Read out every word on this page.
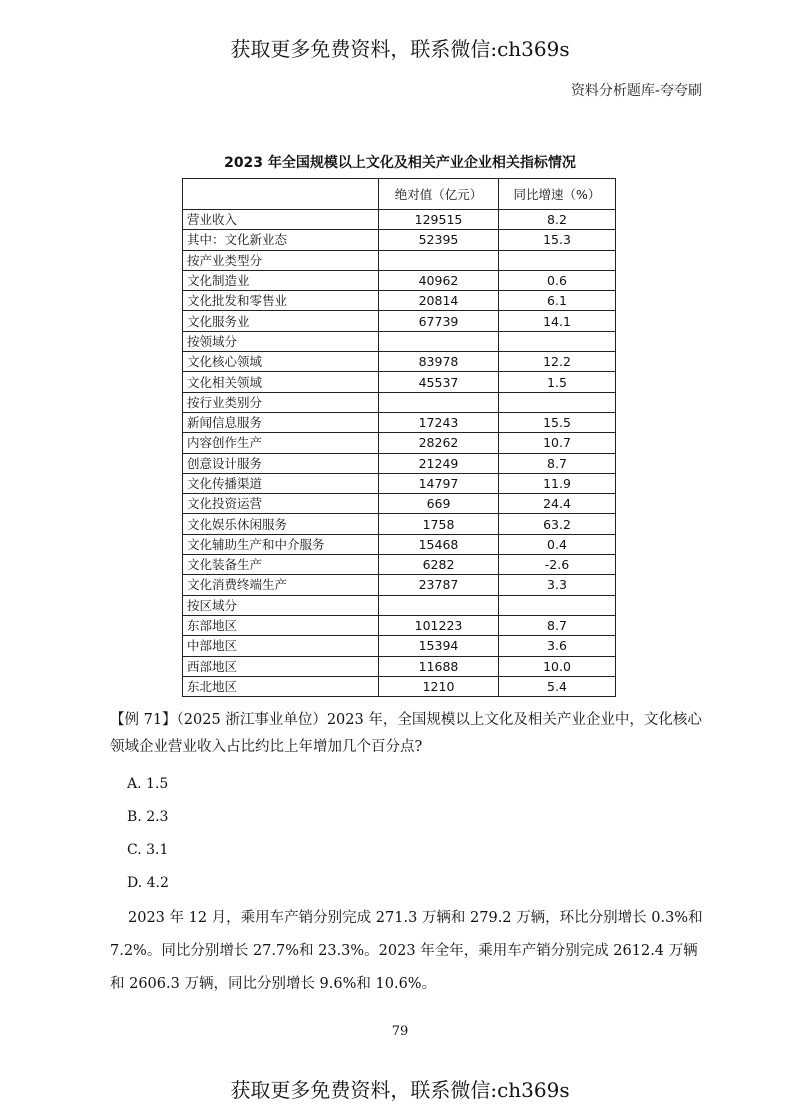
获取更多免费资料，联系微信:ch369s
资料分析题库-夸夸刷
2023 年全国规模以上文化及相关产业企业相关指标情况
	绝对值（亿元）	同比增速（%）
营业收入	129515	8.2
其中：文化新业态	52395	15.3
按产业类型分		
文化制造业	40962	0.6
文化批发和零售业	20814	6.1
文化服务业	67739	14.1
按领域分		
文化核心领域	83978	12.2
文化相关领域	45537	1.5
按行业类别分		
新闻信息服务	17243	15.5
内容创作生产	28262	10.7
创意设计服务	21249	8.7
文化传播渠道	14797	11.9
文化投资运营	669	24.4
文化娱乐休闲服务	1758	63.2
文化辅助生产和中介服务	15468	0.4
文化装备生产	6282	-2.6
文化消费终端生产	23787	3.3
按区域分		
东部地区	101223	8.7
中部地区	15394	3.6
西部地区	11688	10.0
东北地区	1210	5.4
【例 71】（2025 浙江事业单位）2023 年，全国规模以上文化及相关产业企业中，文化核心领域企业营业收入占比约比上年增加几个百分点?
A. 1.5
B. 2.3
C. 3.1
D. 4.2
2023 年 12 月，乘用车产销分别完成 271.3 万辆和 279.2 万辆，环比分别增长 0.3%和 7.2%。同比分别增长 27.7%和 23.3%。2023 年全年，乘用车产销分别完成 2612.4 万辆和 2606.3 万辆，同比分别增长 9.6%和 10.6%。
79
获取更多免费资料，联系微信:ch369s
